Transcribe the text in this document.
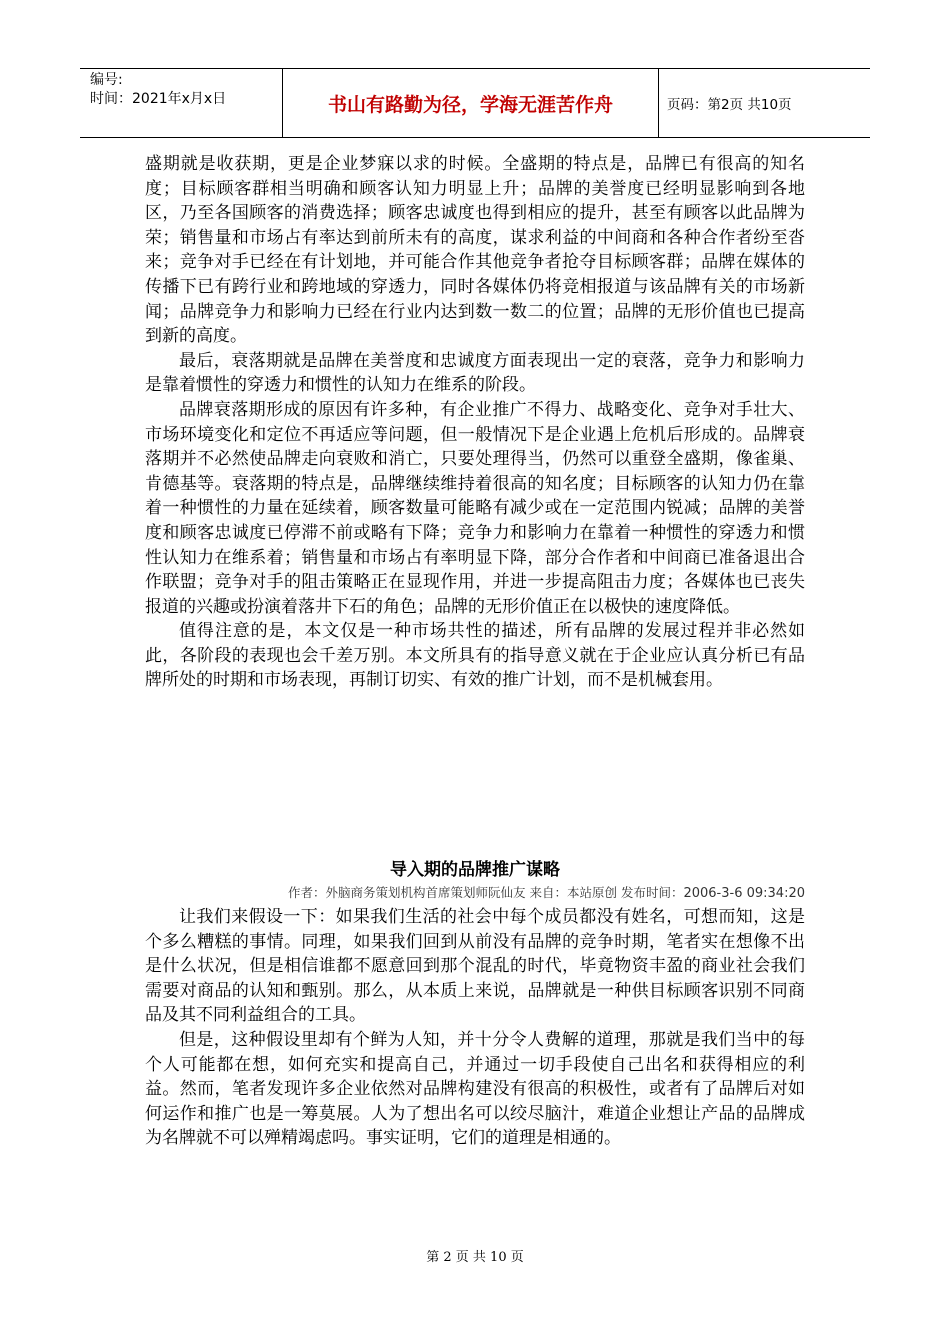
编号:
时间：2021年x月x日	书山有路勤为径，学海无涯苦作舟	页码：第2页 共10页

盛期就是收获期，更是企业梦寐以求的时候。全盛期的特点是，品牌已有很高的知名度；目标顾客群相当明确和顾客认知力明显上升；品牌的美誉度已经明显影响到各地区，乃至各国顾客的消费选择；顾客忠诚度也得到相应的提升，甚至有顾客以此品牌为荣；销售量和市场占有率达到前所未有的高度，谋求利益的中间商和各种合作者纷至沓来；竞争对手已经在有计划地，并可能合作其他竞争者抢夺目标顾客群；品牌在媒体的传播下已有跨行业和跨地域的穿透力，同时各媒体仍将竞相报道与该品牌有关的市场新闻；品牌竞争力和影响力已经在行业内达到数一数二的位置；品牌的无形价值也已提高到新的高度。

最后，衰落期就是品牌在美誉度和忠诚度方面表现出一定的衰落，竞争力和影响力是靠着惯性的穿透力和惯性的认知力在维系的阶段。

品牌衰落期形成的原因有许多种，有企业推广不得力、战略变化、竞争对手壮大、市场环境变化和定位不再适应等问题，但一般情况下是企业遇上危机后形成的。品牌衰落期并不必然使品牌走向衰败和消亡，只要处理得当，仍然可以重登全盛期，像雀巢、肯德基等。衰落期的特点是，品牌继续维持着很高的知名度；目标顾客的认知力仍在靠着一种惯性的力量在延续着，顾客数量可能略有减少或在一定范围内锐减；品牌的美誉度和顾客忠诚度已停滞不前或略有下降；竞争力和影响力在靠着一种惯性的穿透力和惯性认知力在维系着；销售量和市场占有率明显下降，部分合作者和中间商已准备退出合作联盟；竞争对手的阻击策略正在显现作用，并进一步提高阻击力度；各媒体也已丧失报道的兴趣或扮演着落井下石的角色；品牌的无形价值正在以极快的速度降低。

值得注意的是，本文仅是一种市场共性的描述，所有品牌的发展过程并非必然如此，各阶段的表现也会千差万别。本文所具有的指导意义就在于企业应认真分析已有品牌所处的时期和市场表现，再制订切实、有效的推广计划，而不是机械套用。

导入期的品牌推广谋略
作者：外脑商务策划机构首席策划师阮仙友 来自：本站原创 发布时间：2006-3-6 09:34:20

让我们来假设一下：如果我们生活的社会中每个成员都没有姓名，可想而知，这是个多么糟糕的事情。同理，如果我们回到从前没有品牌的竞争时期，笔者实在想像不出是什么状况，但是相信谁都不愿意回到那个混乱的时代，毕竟物资丰盈的商业社会我们需要对商品的认知和甄别。那么，从本质上来说，品牌就是一种供目标顾客识别不同商品及其不同利益组合的工具。

但是，这种假设里却有个鲜为人知，并十分令人费解的道理，那就是我们当中的每个人可能都在想，如何充实和提高自己，并通过一切手段使自己出名和获得相应的利益。然而，笔者发现许多企业依然对品牌构建没有很高的积极性，或者有了品牌后对如何运作和推广也是一筹莫展。人为了想出名可以绞尽脑汁，难道企业想让产品的品牌成为名牌就不可以殚精竭虑吗。事实证明，它们的道理是相通的。

第 2 页 共 10 页
